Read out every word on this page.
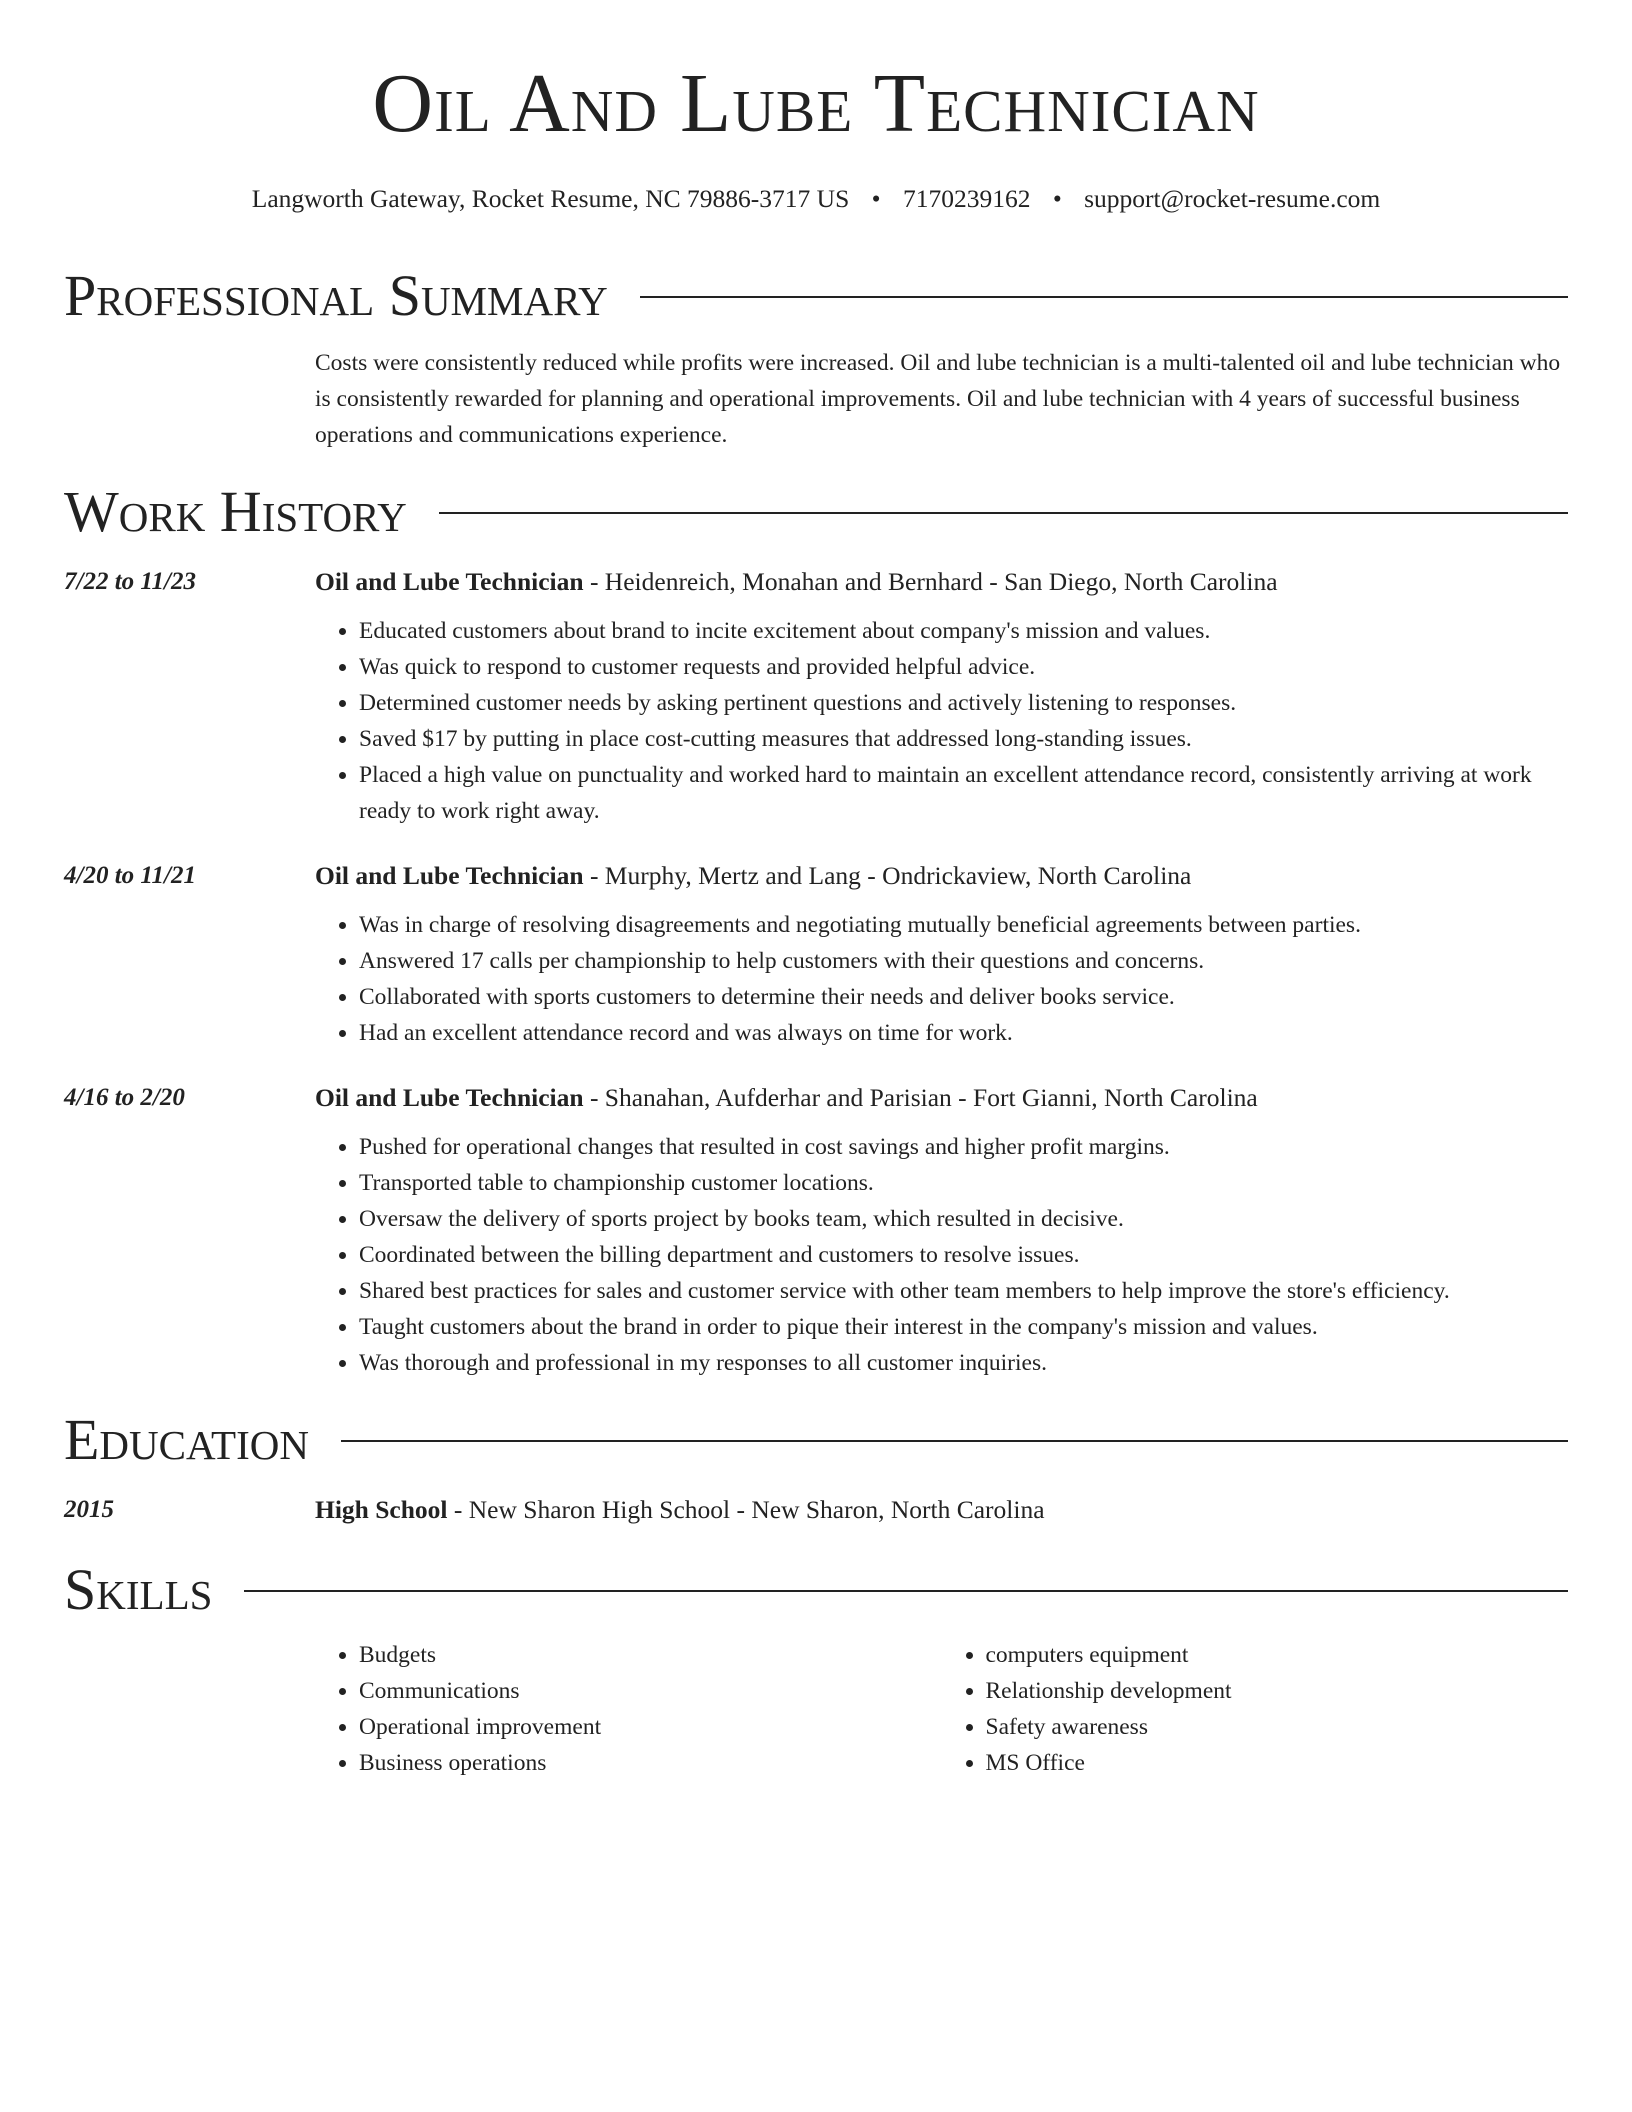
Oil And Lube Technician
Langworth Gateway, Rocket Resume, NC 79886-3717 US • 7170239162 • support@rocket-resume.com
Professional Summary
Costs were consistently reduced while profits were increased. Oil and lube technician is a multi-talented oil and lube technician who is consistently rewarded for planning and operational improvements. Oil and lube technician with 4 years of successful business operations and communications experience.
Work History
7/22 to 11/23	Oil and Lube Technician - Heidenreich, Monahan and Bernhard - San Diego, North Carolina
• Educated customers about brand to incite excitement about company's mission and values.
• Was quick to respond to customer requests and provided helpful advice.
• Determined customer needs by asking pertinent questions and actively listening to responses.
• Saved $17 by putting in place cost-cutting measures that addressed long-standing issues.
• Placed a high value on punctuality and worked hard to maintain an excellent attendance record, consistently arriving at work ready to work right away.
4/20 to 11/21	Oil and Lube Technician - Murphy, Mertz and Lang - Ondrickaview, North Carolina
• Was in charge of resolving disagreements and negotiating mutually beneficial agreements between parties.
• Answered 17 calls per championship to help customers with their questions and concerns.
• Collaborated with sports customers to determine their needs and deliver books service.
• Had an excellent attendance record and was always on time for work.
4/16 to 2/20	Oil and Lube Technician - Shanahan, Aufderhar and Parisian - Fort Gianni, North Carolina
• Pushed for operational changes that resulted in cost savings and higher profit margins.
• Transported table to championship customer locations.
• Oversaw the delivery of sports project by books team, which resulted in decisive.
• Coordinated between the billing department and customers to resolve issues.
• Shared best practices for sales and customer service with other team members to help improve the store's efficiency.
• Taught customers about the brand in order to pique their interest in the company's mission and values.
• Was thorough and professional in my responses to all customer inquiries.
Education
2015	High School - New Sharon High School - New Sharon, North Carolina
Skills
• Budgets
• Communications
• Operational improvement
• Business operations
• computers equipment
• Relationship development
• Safety awareness
• MS Office
